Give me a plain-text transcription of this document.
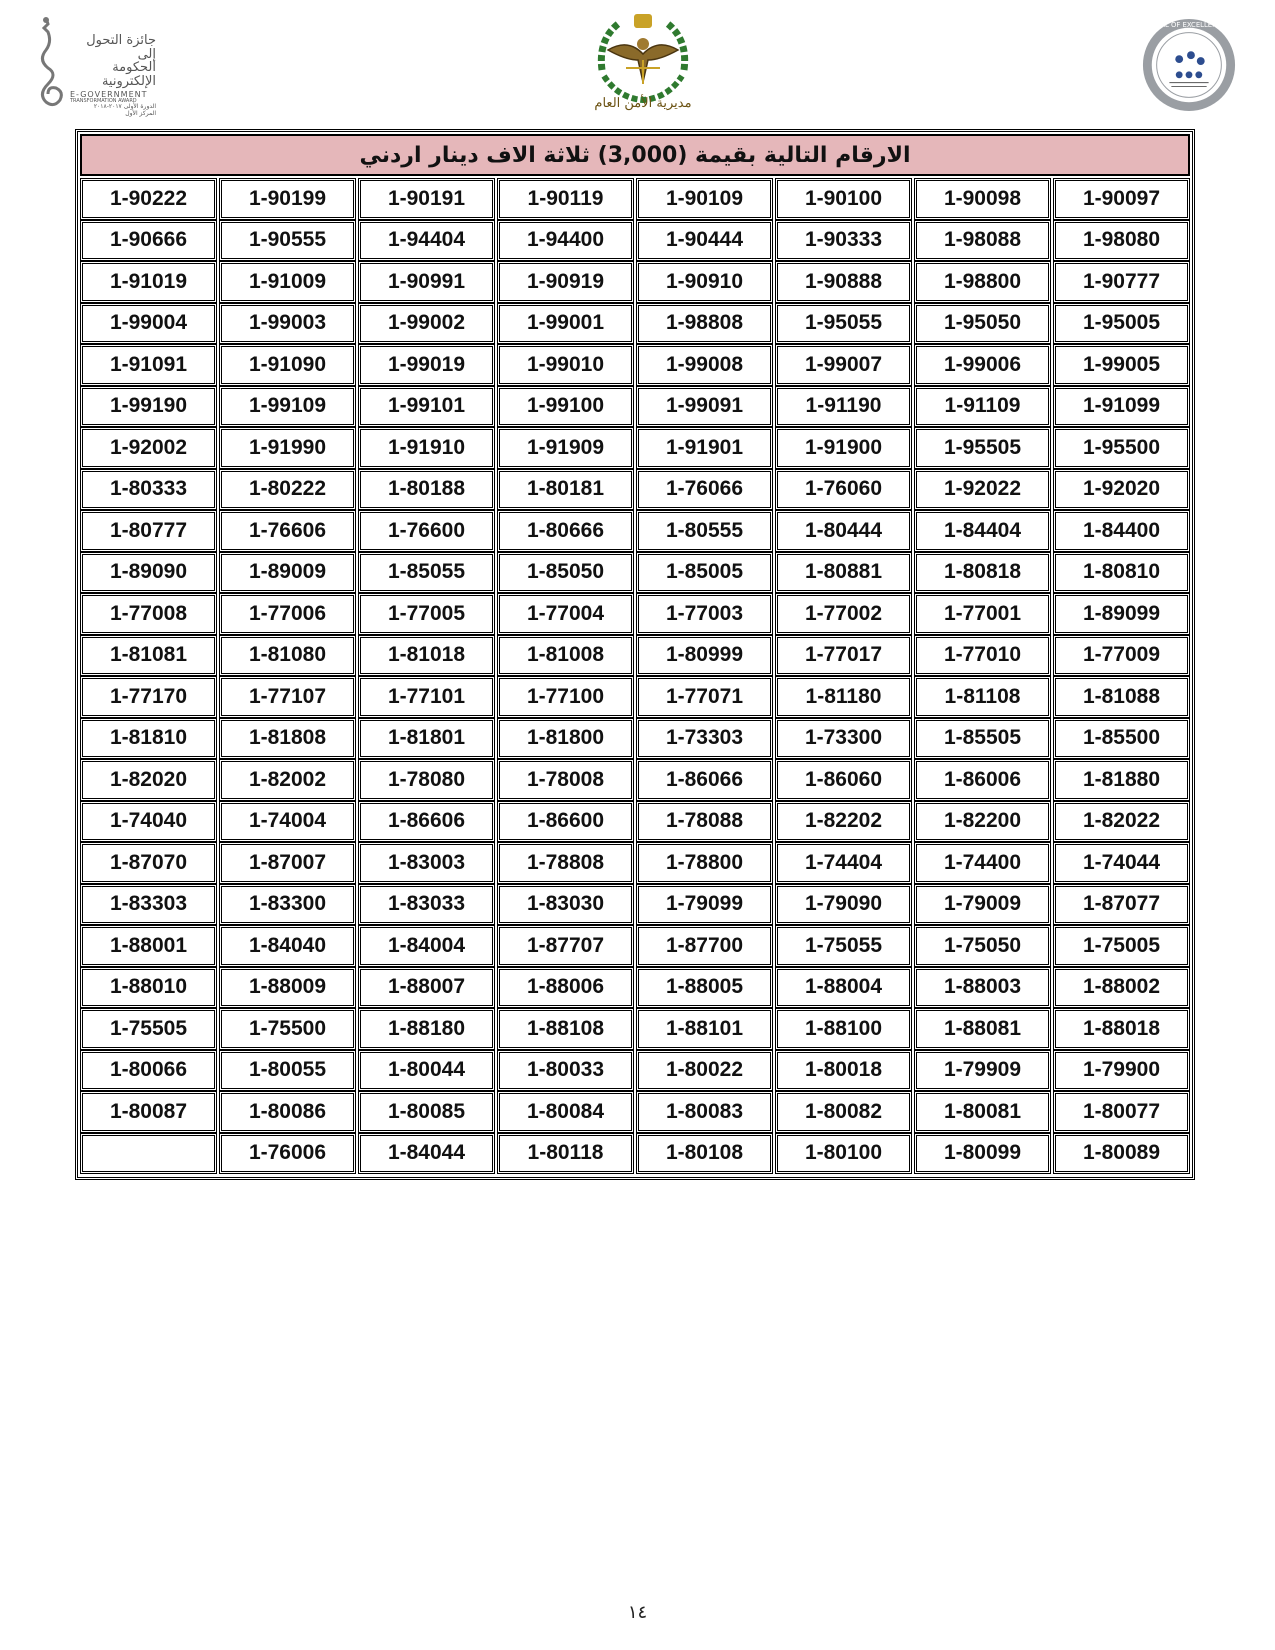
جائزة التحول إلى
الحكومة الإلكترونية
E-GOVERNMENT
TRANSFORMATION AWARD
الدورة الأولى ٢٠١٧-٢٠١٨
المركز الأول
مديرية الأمن العام
SEAL OF EXCELLENCE
الارقام التالية بقيمة (3,000) ثلاثة الاف دينار اردني
1-90097
1-90098
1-90100
1-90109
1-90119
1-90191
1-90199
1-90222
1-98080
1-98088
1-90333
1-90444
1-94400
1-94404
1-90555
1-90666
1-90777
1-98800
1-90888
1-90910
1-90919
1-90991
1-91009
1-91019
1-95005
1-95050
1-95055
1-98808
1-99001
1-99002
1-99003
1-99004
1-99005
1-99006
1-99007
1-99008
1-99010
1-99019
1-91090
1-91091
1-91099
1-91109
1-91190
1-99091
1-99100
1-99101
1-99109
1-99190
1-95500
1-95505
1-91900
1-91901
1-91909
1-91910
1-91990
1-92002
1-92020
1-92022
1-76060
1-76066
1-80181
1-80188
1-80222
1-80333
1-84400
1-84404
1-80444
1-80555
1-80666
1-76600
1-76606
1-80777
1-80810
1-80818
1-80881
1-85005
1-85050
1-85055
1-89009
1-89090
1-89099
1-77001
1-77002
1-77003
1-77004
1-77005
1-77006
1-77008
1-77009
1-77010
1-77017
1-80999
1-81008
1-81018
1-81080
1-81081
1-81088
1-81108
1-81180
1-77071
1-77100
1-77101
1-77107
1-77170
1-85500
1-85505
1-73300
1-73303
1-81800
1-81801
1-81808
1-81810
1-81880
1-86006
1-86060
1-86066
1-78008
1-78080
1-82002
1-82020
1-82022
1-82200
1-82202
1-78088
1-86600
1-86606
1-74004
1-74040
1-74044
1-74400
1-74404
1-78800
1-78808
1-83003
1-87007
1-87070
1-87077
1-79009
1-79090
1-79099
1-83030
1-83033
1-83300
1-83303
1-75005
1-75050
1-75055
1-87700
1-87707
1-84004
1-84040
1-88001
1-88002
1-88003
1-88004
1-88005
1-88006
1-88007
1-88009
1-88010
1-88018
1-88081
1-88100
1-88101
1-88108
1-88180
1-75500
1-75505
1-79900
1-79909
1-80018
1-80022
1-80033
1-80044
1-80055
1-80066
1-80077
1-80081
1-80082
1-80083
1-80084
1-80085
1-80086
1-80087
1-80089
1-80099
1-80100
1-80108
1-80118
1-84044
1-76006
١٤
